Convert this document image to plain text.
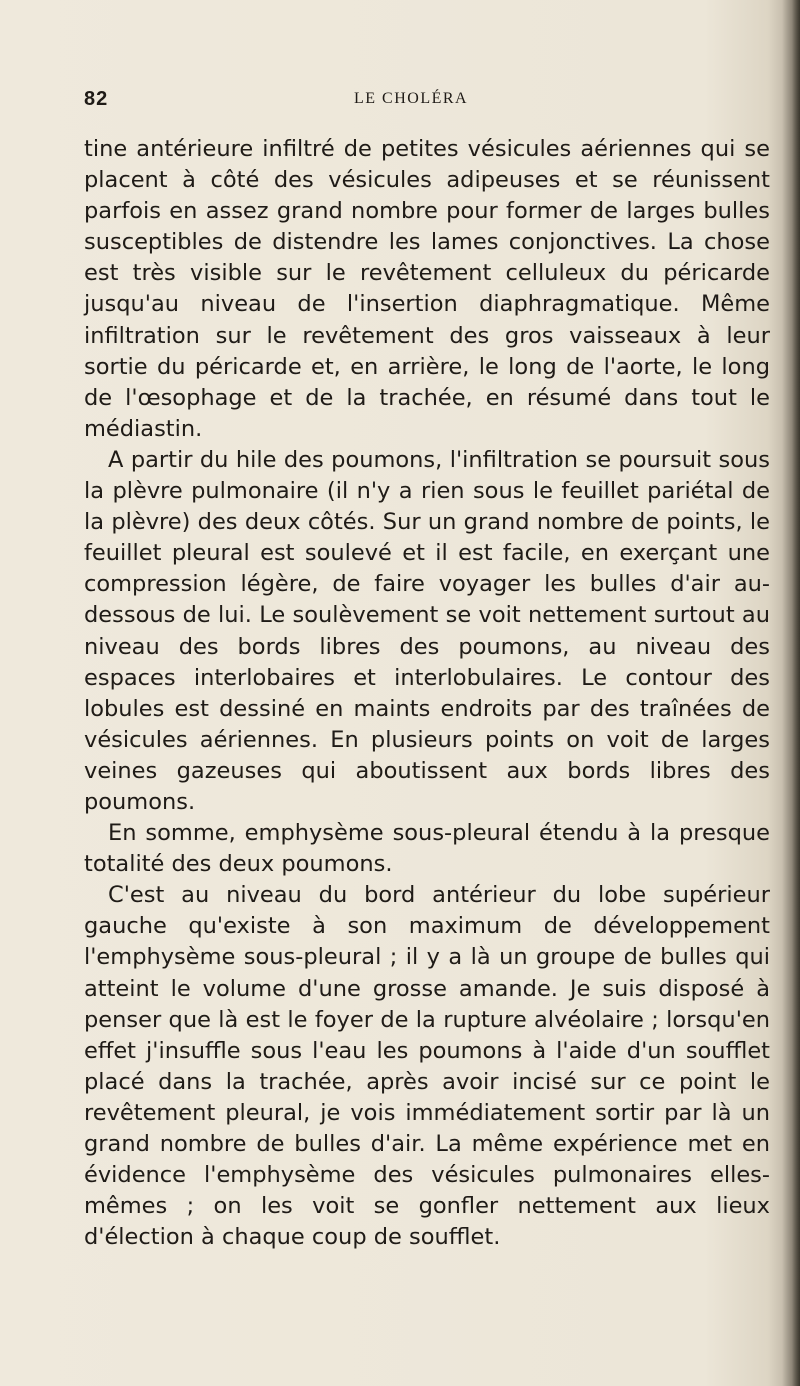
82	LE CHOLÉRA

tine antérieure infiltré de petites vésicules aériennes qui se placent à côté des vésicules adipeuses et se réunissent parfois en assez grand nombre pour former de larges bulles susceptibles de distendre les lames conjonctives. La chose est très visible sur le revêtement celluleux du péricarde jusqu'au niveau de l'insertion diaphragmatique. Même infiltration sur le revêtement des gros vaisseaux à leur sortie du péricarde et, en arrière, le long de l'aorte, le long de l'œsophage et de la trachée, en résumé dans tout le médiastin.

A partir du hile des poumons, l'infiltration se poursuit sous la plèvre pulmonaire (il n'y a rien sous le feuillet pariétal de la plèvre) des deux côtés. Sur un grand nombre de points, le feuillet pleural est soulevé et il est facile, en exerçant une compression légère, de faire voyager les bulles d'air au-dessous de lui. Le soulèvement se voit nettement surtout au niveau des bords libres des poumons, au niveau des espaces interlobaires et interlobulaires. Le contour des lobules est dessiné en maints endroits par des traînées de vésicules aériennes. En plusieurs points on voit de larges veines gazeuses qui aboutissent aux bords libres des poumons.

En somme, emphysème sous-pleural étendu à la presque totalité des deux poumons.

C'est au niveau du bord antérieur du lobe supérieur gauche qu'existe à son maximum de développement l'emphysème sous-pleural ; il y a là un groupe de bulles qui atteint le volume d'une grosse amande. Je suis disposé à penser que là est le foyer de la rupture alvéolaire ; lorsqu'en effet j'insuffle sous l'eau les poumons à l'aide d'un soufflet placé dans la trachée, après avoir incisé sur ce point le revêtement pleural, je vois immédiatement sortir par là un grand nombre de bulles d'air. La même expérience met en évidence l'emphysème des vésicules pulmonaires elles-mêmes ; on les voit se gonfler nettement aux lieux d'élection à chaque coup de soufflet.
